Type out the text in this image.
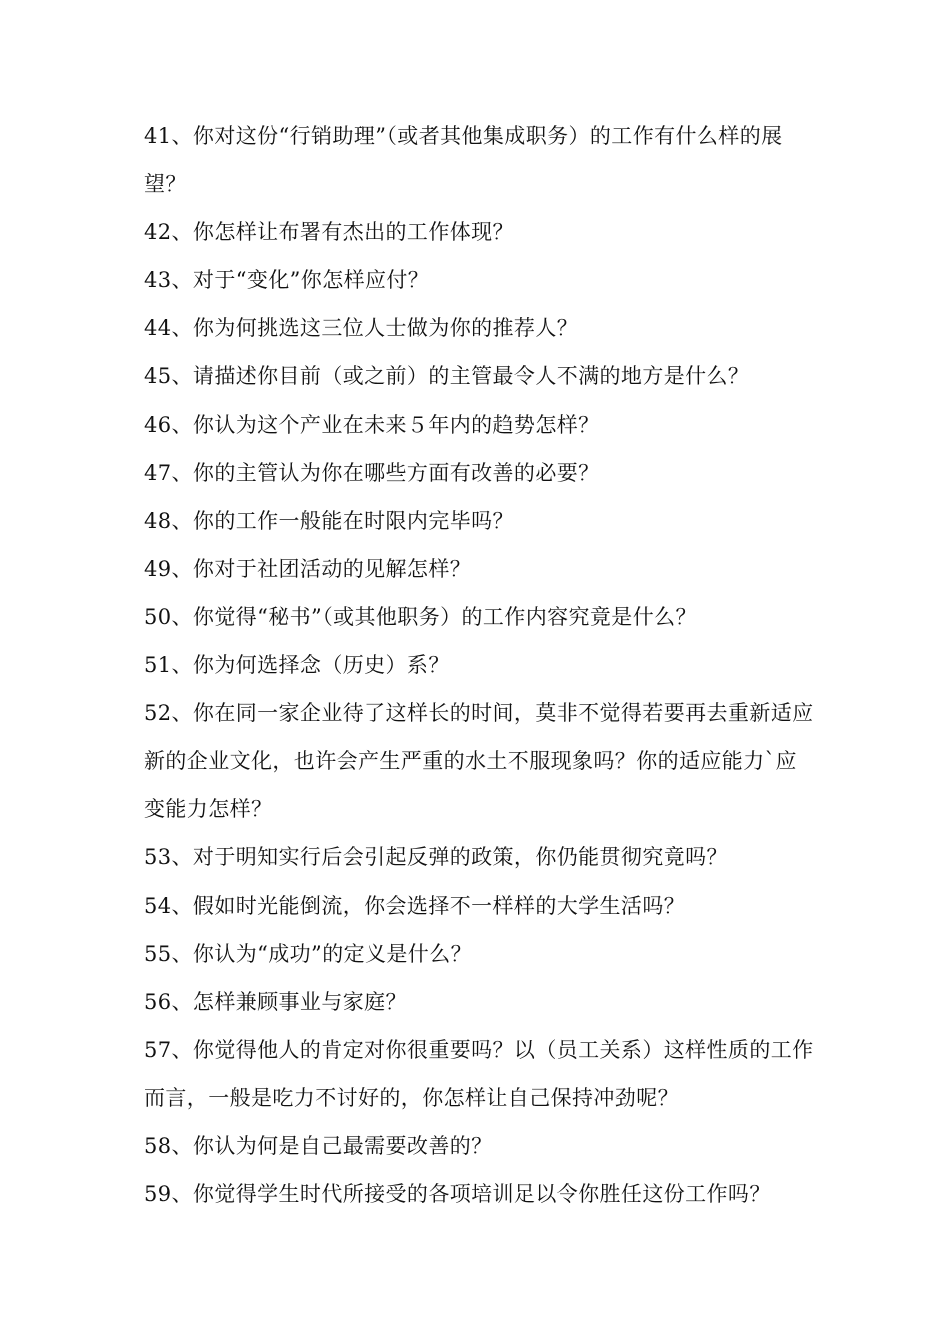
41、你对这份“行销助理”（或者其他集成职务）的工作有什么样的展望？

42、你怎样让布署有杰出的工作体现？

43、对于“变化”你怎样应付？

44、你为何挑选这三位人士做为你的推荐人？

45、请描述你目前（或之前）的主管最令人不满的地方是什么？

46、你认为这个产业在未来５年内的趋势怎样？

47、你的主管认为你在哪些方面有改善的必要？

48、你的工作一般能在时限内完毕吗？

49、你对于社团活动的见解怎样？

50、你觉得“秘书”（或其他职务）的工作内容究竟是什么？

51、你为何选择念（历史）系？

52、你在同一家企业待了这样长的时间，莫非不觉得若要再去重新适应新的企业文化，也许会产生严重的水土不服现象吗？你的适应能力`应变能力怎样？

53、对于明知实行后会引起反弹的政策，你仍能贯彻究竟吗？

54、假如时光能倒流，你会选择不一样样的大学生活吗？

55、你认为“成功”的定义是什么？

56、怎样兼顾事业与家庭？

57、你觉得他人的肯定对你很重要吗？以（员工关系）这样性质的工作而言，一般是吃力不讨好的，你怎样让自己保持冲劲呢？

58、你认为何是自己最需要改善的？

59、你觉得学生时代所接受的各项培训足以令你胜任这份工作吗？
